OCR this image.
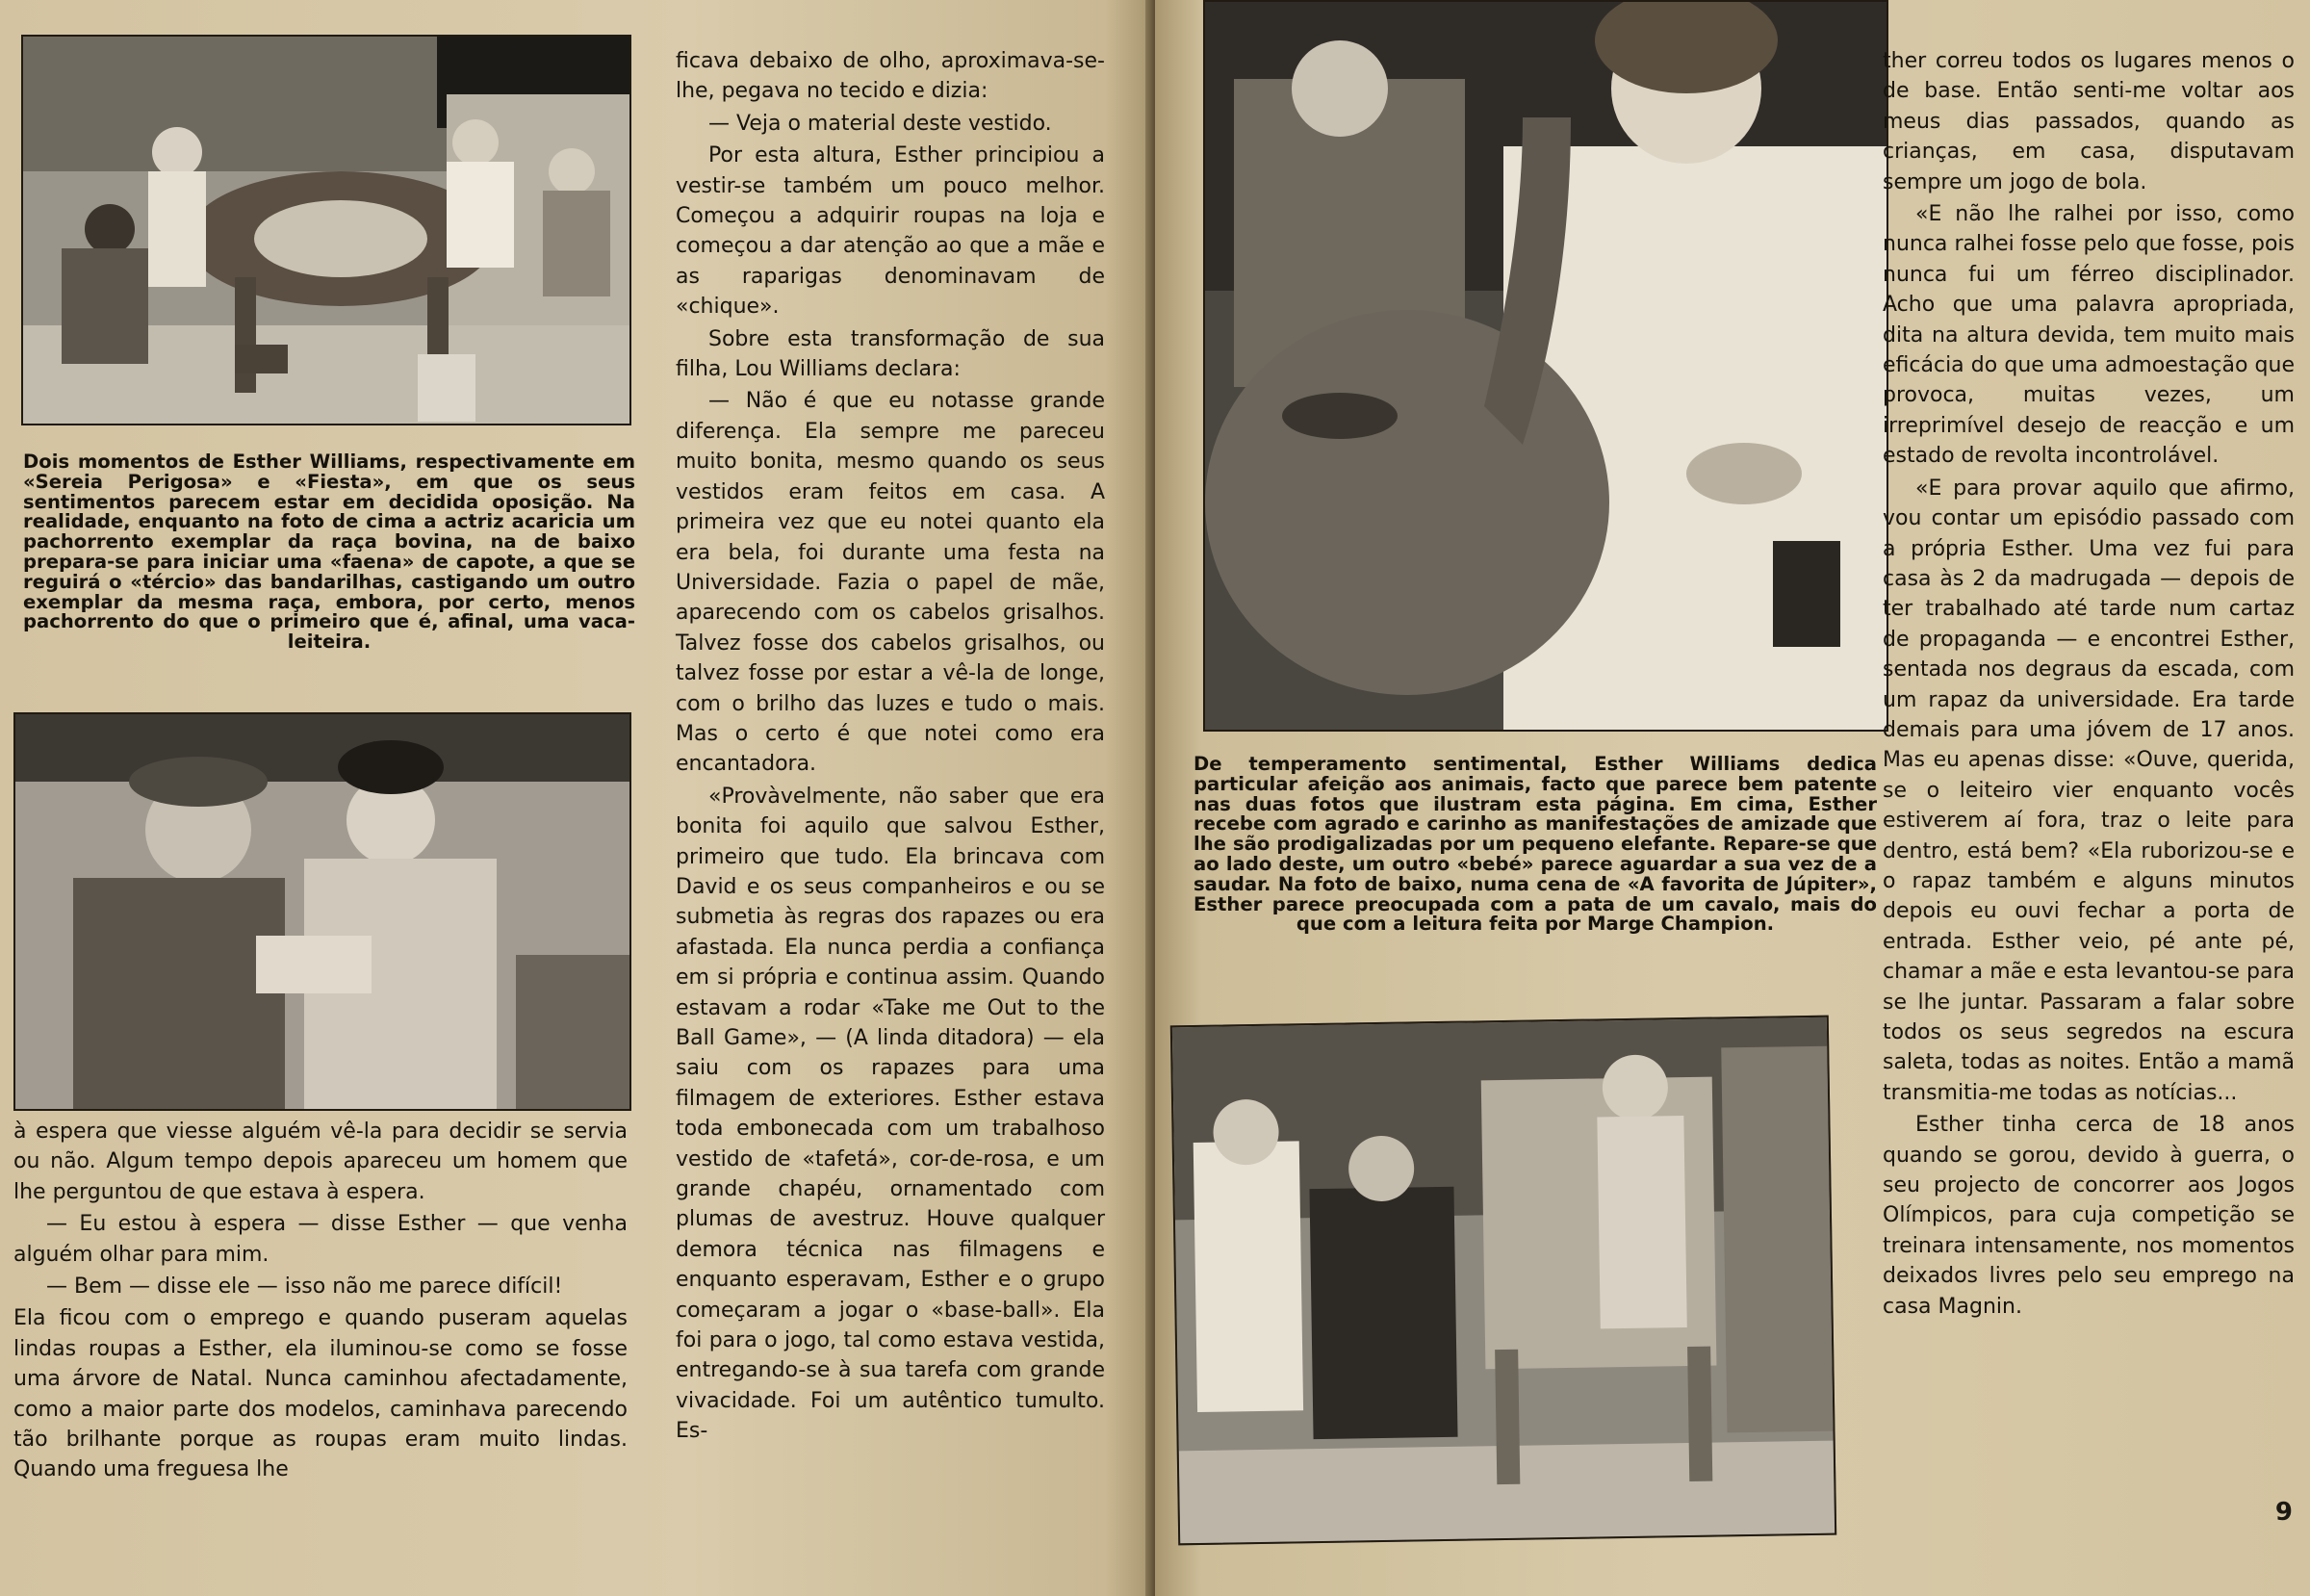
Dois momentos de Esther Williams, respectivamente em «Sereia Perigosa» e «Fiesta», em que os seus sentimentos parecem estar em decidida oposição. Na realidade, enquanto na foto de cima a actriz acaricia um pachorrento exemplar da raça bovina, na de baixo prepara-se para iniciar uma «faena» de capote, a que se reguirá o «tércio» das bandarilhas, castigando um outro exemplar da mesma raça, embora, por certo, menos pachorrento do que o primeiro que é, afinal, uma vaca-leiteira.

à espera que viesse alguém vê-la para decidir se servia ou não. Algum tempo depois apareceu um homem que lhe perguntou de que estava à espera.

— Eu estou à espera — disse Esther — que venha alguém olhar para mim.

— Bem — disse ele — isso não me parece difícil!

Ela ficou com o emprego e quando puseram aquelas lindas roupas a Esther, ela iluminou-se como se fosse uma árvore de Natal. Nunca caminhou afectadamente, como a maior parte dos modelos, caminhava parecendo tão brilhante porque as roupas eram muito lindas. Quando uma freguesa lhe

ficava debaixo de olho, aproximava-se-lhe, pegava no tecido e dizia:

— Veja o material deste vestido.

Por esta altura, Esther principiou a vestir-se também um pouco melhor. Começou a adquirir roupas na loja e começou a dar atenção ao que a mãe e as raparigas denominavam de «chique».

Sobre esta transformação de sua filha, Lou Williams declara:

— Não é que eu notasse grande diferença. Ela sempre me pareceu muito bonita, mesmo quando os seus vestidos eram feitos em casa. A primeira vez que eu notei quanto ela era bela, foi durante uma festa na Universidade. Fazia o papel de mãe, aparecendo com os cabelos grisalhos. Talvez fosse dos cabelos grisalhos, ou talvez fosse por estar a vê-la de longe, com o brilho das luzes e tudo o mais. Mas o certo é que notei como era encantadora.

«Provàvelmente, não saber que era bonita foi aquilo que salvou Esther, primeiro que tudo. Ela brincava com David e os seus companheiros e ou se submetia às regras dos rapazes ou era afastada. Ela nunca perdia a confiança em si própria e continua assim. Quando estavam a rodar «Take me Out to the Ball Game», — (A linda ditadora) — ela saiu com os rapazes para uma filmagem de exteriores. Esther estava toda embonecada com um trabalhoso vestido de «tafetá», cor-de-rosa, e um grande chapéu, ornamentado com plumas de avestruz. Houve qualquer demora técnica nas filmagens e enquanto esperavam, Esther e o grupo começaram a jogar o «base-ball». Ela foi para o jogo, tal como estava vestida, entregando-se à sua tarefa com grande vivacidade. Foi um autêntico tumulto. Es-

De temperamento sentimental, Esther Williams dedica particular afeição aos animais, facto que parece bem patente nas duas fotos que ilustram esta página. Em cima, Esther recebe com agrado e carinho as manifestações de amizade que lhe são prodigalizadas por um pequeno elefante. Repare-se que ao lado deste, um outro «bebé» parece aguardar a sua vez de a saudar. Na foto de baixo, numa cena de «A favorita de Júpiter», Esther parece preocupada com a pata de um cavalo, mais do que com a leitura feita por Marge Champion.

ther correu todos os lugares menos o de base. Então senti-me voltar aos meus dias passados, quando as crianças, em casa, disputavam sempre um jogo de bola.

«E não lhe ralhei por isso, como nunca ralhei fosse pelo que fosse, pois nunca fui um férreo disciplinador. Acho que uma palavra apropriada, dita na altura devida, tem muito mais eficácia do que uma admoestação que provoca, muitas vezes, um irreprimível desejo de reacção e um estado de revolta incontrolável.

«E para provar aquilo que afirmo, vou contar um episódio passado com a própria Esther. Uma vez fui para casa às 2 da madrugada — depois de ter trabalhado até tarde num cartaz de propaganda — e encontrei Esther, sentada nos degraus da escada, com um rapaz da universidade. Era tarde demais para uma jóvem de 17 anos. Mas eu apenas disse: «Ouve, querida, se o leiteiro vier enquanto vocês estiverem aí fora, traz o leite para dentro, está bem? «Ela ruborizou-se e o rapaz também e alguns minutos depois eu ouvi fechar a porta de entrada. Esther veio, pé ante pé, chamar a mãe e esta levantou-se para se lhe juntar. Passaram a falar sobre todos os seus segredos na escura saleta, todas as noites. Então a mamã transmitia-me todas as notícias...

Esther tinha cerca de 18 anos quando se gorou, devido à guerra, o seu projecto de concorrer aos Jogos Olímpicos, para cuja competição se treinara intensamente, nos momentos deixados livres pelo seu emprego na casa Magnin.

9
